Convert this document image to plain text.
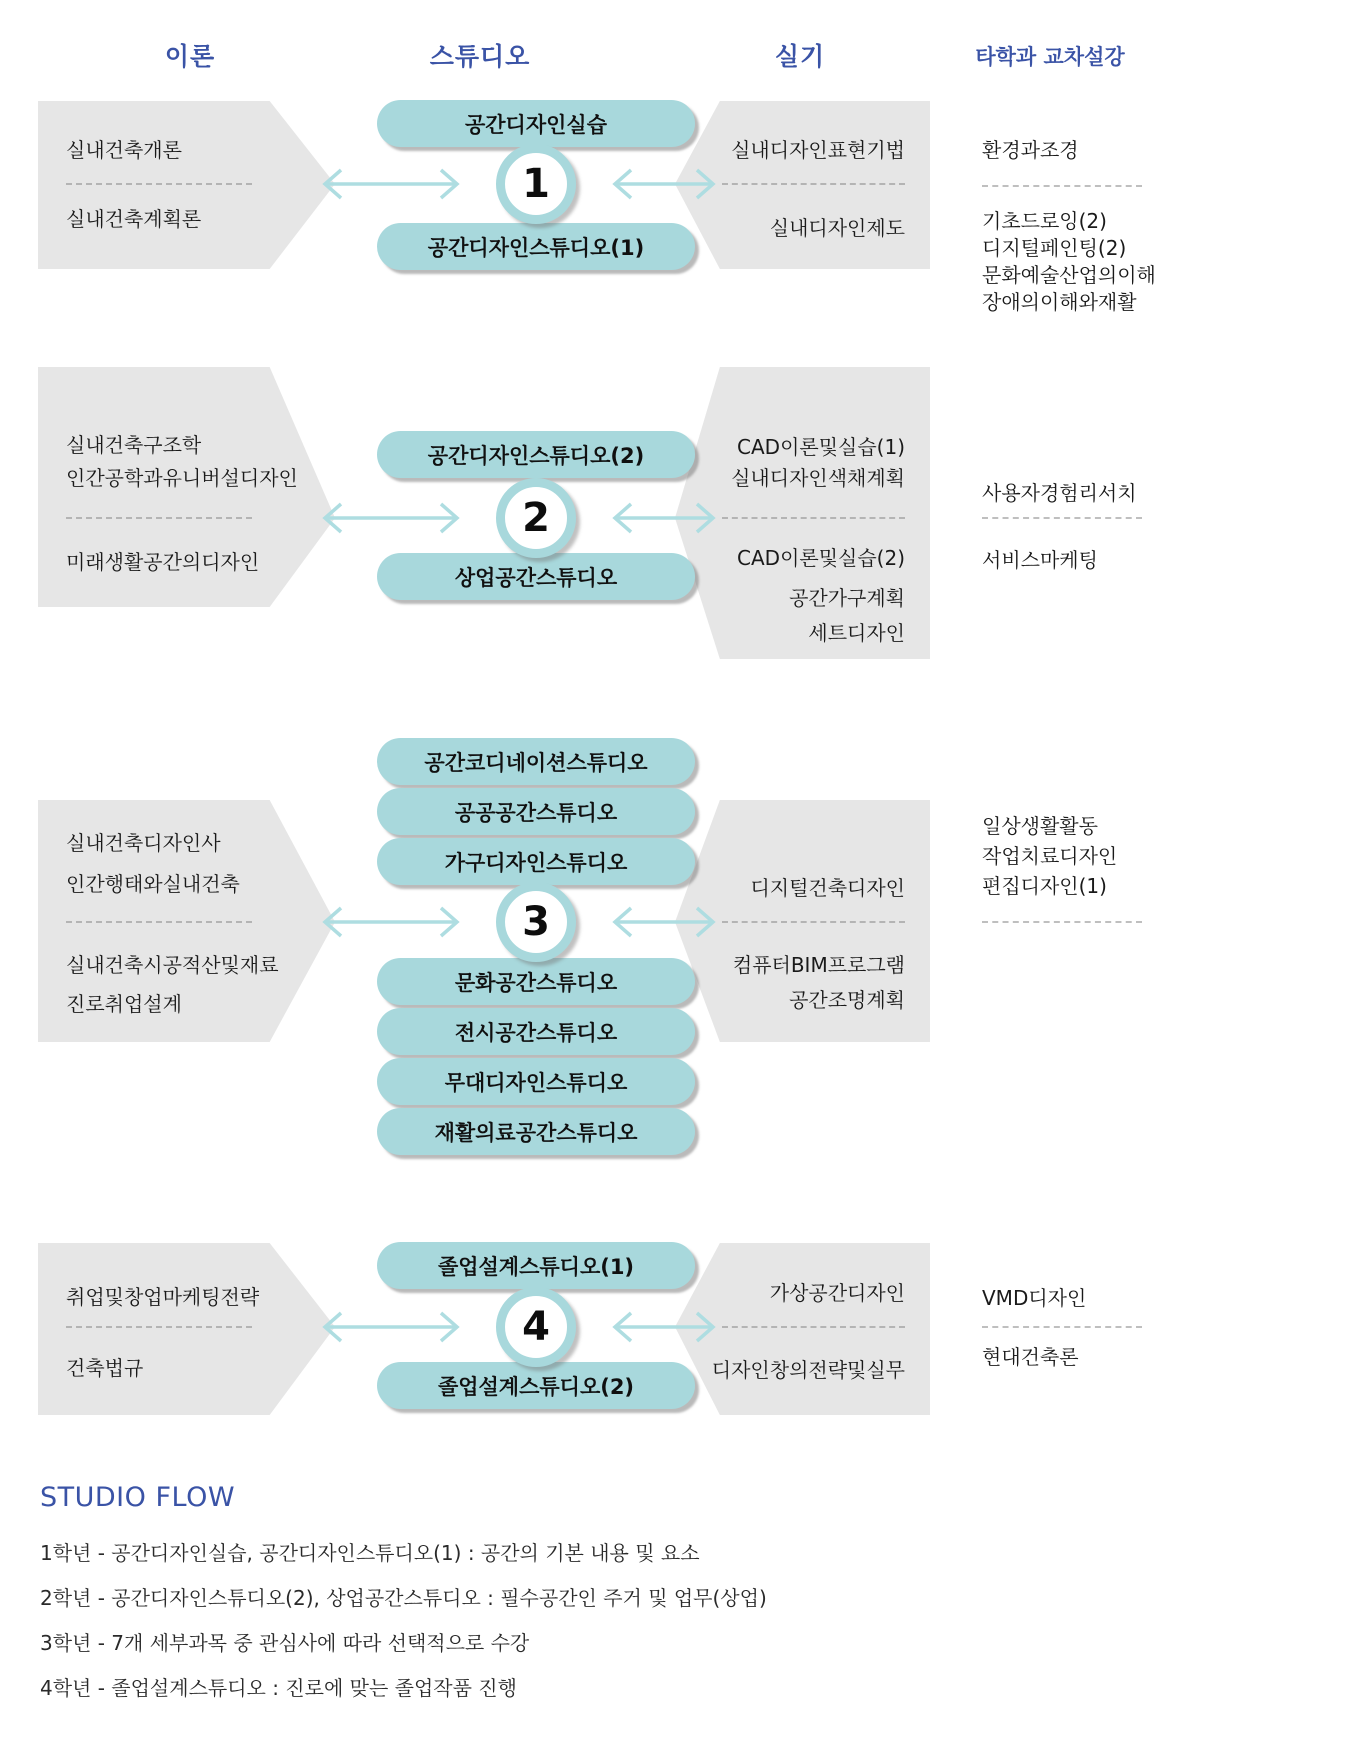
이론	스튜디오	실기	타학과 교차설강
실내건축개론
실내건축계획론
공간디자인실습
공간디자인스튜디오(1)
1
실내디자인표현기법
실내디자인제도
환경과조경
기초드로잉(2)
디지털페인팅(2)
문화예술산업의이해
장애의이해와재활
실내건축구조학
인간공학과유니버설디자인
미래생활공간의디자인
공간디자인스튜디오(2)
상업공간스튜디오
2
CAD이론및실습(1)
실내디자인색채계획
CAD이론및실습(2)
공간가구계획
세트디자인
사용자경험리서치
서비스마케팅
실내건축디자인사
인간행태와실내건축
실내건축시공적산및재료
진로취업설계
공간코디네이션스튜디오
공공공간스튜디오
가구디자인스튜디오
문화공간스튜디오
전시공간스튜디오
무대디자인스튜디오
재활의료공간스튜디오
3
디지털건축디자인
컴퓨터BIM프로그램
공간조명계획
일상생활활동
작업치료디자인
편집디자인(1)
취업및창업마케팅전략
건축법규
졸업설계스튜디오(1)
졸업설계스튜디오(2)
4
가상공간디자인
디자인창의전략및실무
VMD디자인
현대건축론
STUDIO FLOW
1학년 - 공간디자인실습, 공간디자인스튜디오(1) : 공간의 기본 내용 및 요소
2학년 - 공간디자인스튜디오(2), 상업공간스튜디오 : 필수공간인 주거 및 업무(상업)
3학년 - 7개 세부과목 중 관심사에 따라 선택적으로 수강
4학년 - 졸업설계스튜디오 : 진로에 맞는 졸업작품 진행
